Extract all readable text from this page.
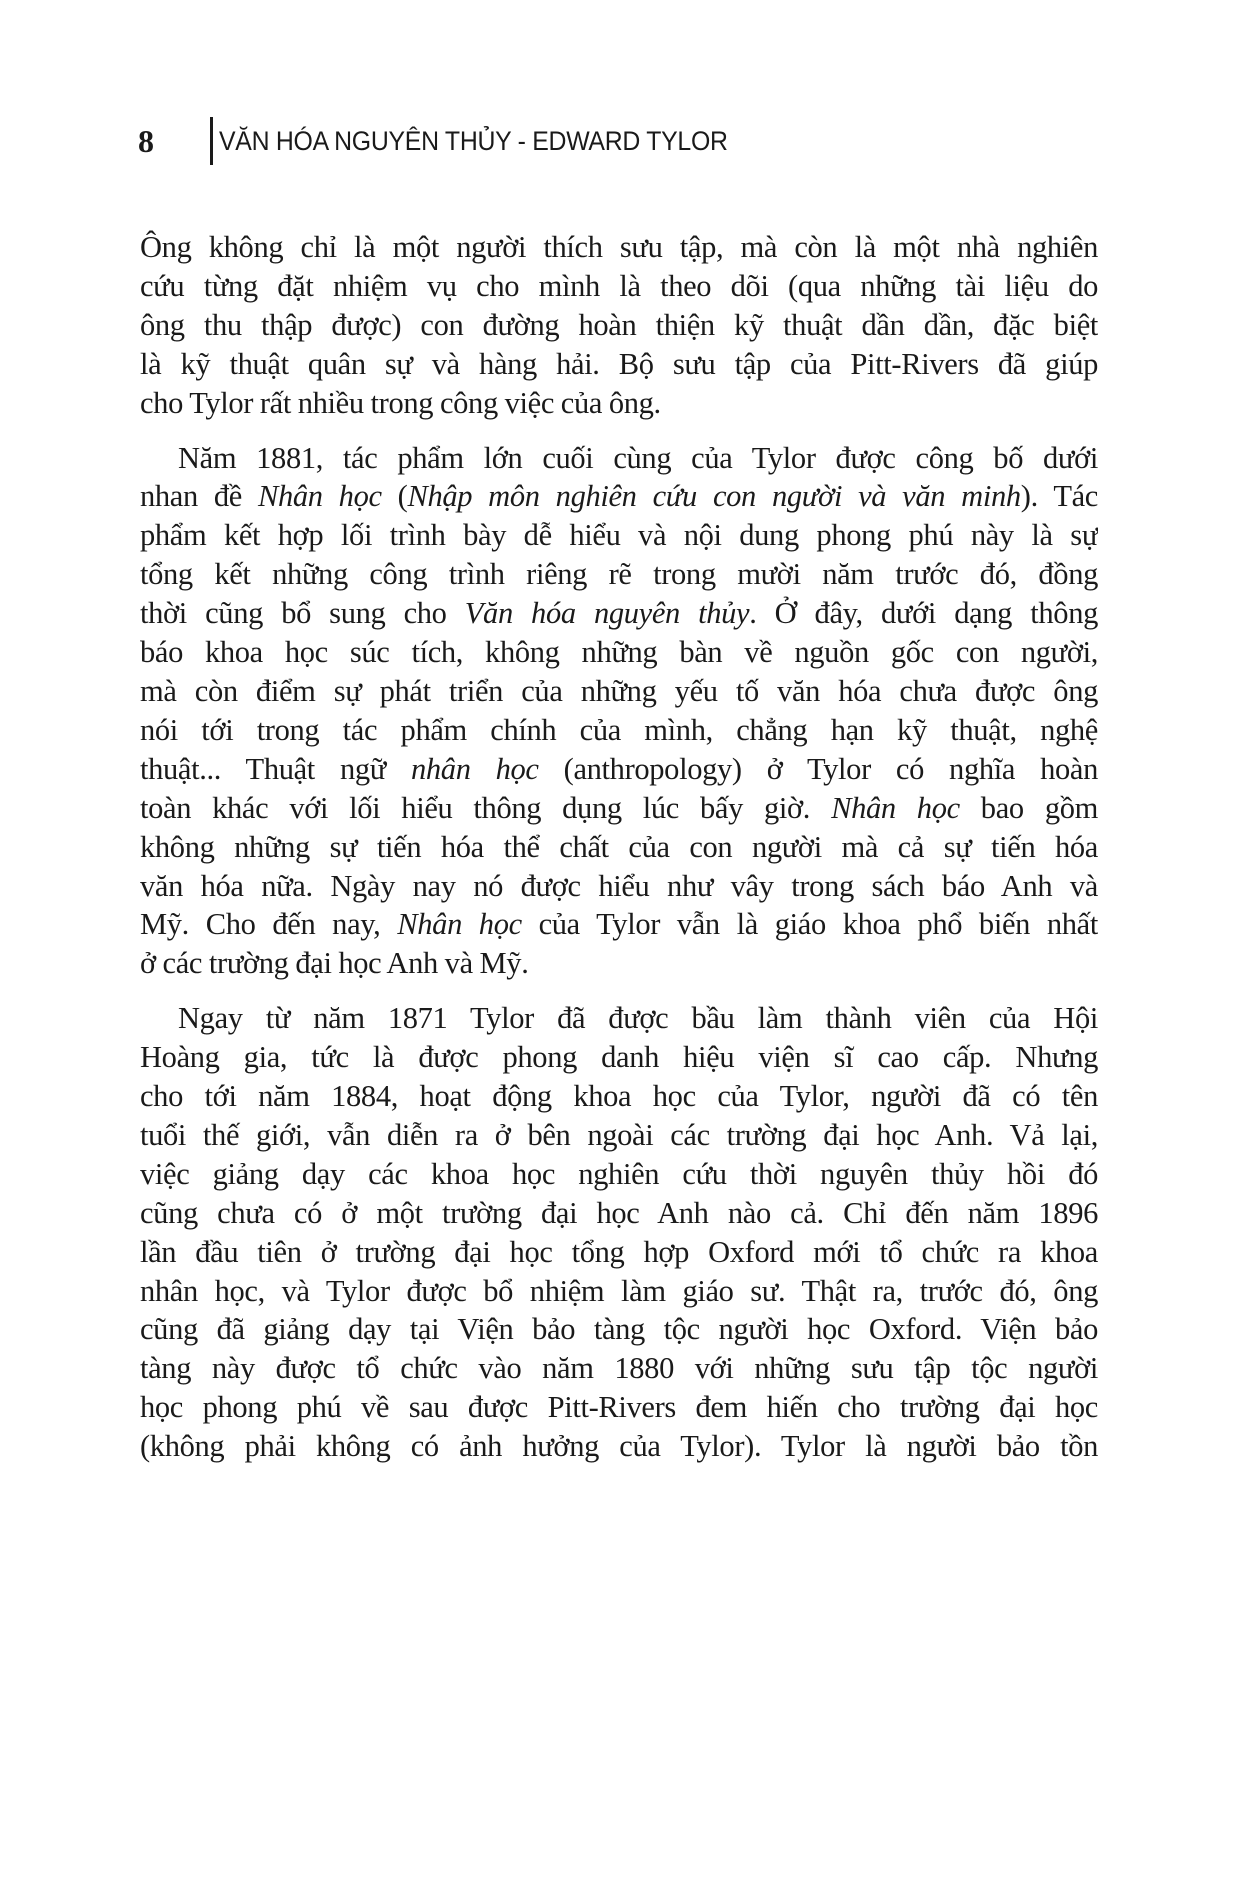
8	VĂN HÓA NGUYÊN THỦY - EDWARD TYLOR
Ông không chỉ là một người thích sưu tập, mà còn là một nhà nghiên
cứu từng đặt nhiệm vụ cho mình là theo dõi (qua những tài liệu do
ông thu thập được) con đường hoàn thiện kỹ thuật dần dần, đặc biệt
là kỹ thuật quân sự và hàng hải. Bộ sưu tập của Pitt-Rivers đã giúp
cho Tylor rất nhiều trong công việc của ông.
Năm 1881, tác phẩm lớn cuối cùng của Tylor được công bố dưới
nhan đề Nhân học (Nhập môn nghiên cứu con người và văn minh). Tác
phẩm kết hợp lối trình bày dễ hiểu và nội dung phong phú này là sự
tổng kết những công trình riêng rẽ trong mười năm trước đó, đồng
thời cũng bổ sung cho Văn hóa nguyên thủy. Ở đây, dưới dạng thông
báo khoa học súc tích, không những bàn về nguồn gốc con người,
mà còn điểm sự phát triển của những yếu tố văn hóa chưa được ông
nói tới trong tác phẩm chính của mình, chẳng hạn kỹ thuật, nghệ
thuật... Thuật ngữ nhân học (anthropology) ở Tylor có nghĩa hoàn
toàn khác với lối hiểu thông dụng lúc bấy giờ. Nhân học bao gồm
không những sự tiến hóa thể chất của con người mà cả sự tiến hóa
văn hóa nữa. Ngày nay nó được hiểu như vây trong sách báo Anh và
Mỹ. Cho đến nay, Nhân học của Tylor vẫn là giáo khoa phổ biến nhất
ở các trường đại học Anh và Mỹ.
Ngay từ năm 1871 Tylor đã được bầu làm thành viên của Hội
Hoàng gia, tức là được phong danh hiệu viện sĩ cao cấp. Nhưng
cho tới năm 1884, hoạt động khoa học của Tylor, người đã có tên
tuổi thế giới, vẫn diễn ra ở bên ngoài các trường đại học Anh. Vả lại,
việc giảng dạy các khoa học nghiên cứu thời nguyên thủy hồi đó
cũng chưa có ở một trường đại học Anh nào cả. Chỉ đến năm 1896
lần đầu tiên ở trường đại học tổng hợp Oxford mới tổ chức ra khoa
nhân học, và Tylor được bổ nhiệm làm giáo sư. Thật ra, trước đó, ông
cũng đã giảng dạy tại Viện bảo tàng tộc người học Oxford. Viện bảo
tàng này được tổ chức vào năm 1880 với những sưu tập tộc người
học phong phú về sau được Pitt-Rivers đem hiến cho trường đại học
(không phải không có ảnh hưởng của Tylor). Tylor là người bảo tồn
